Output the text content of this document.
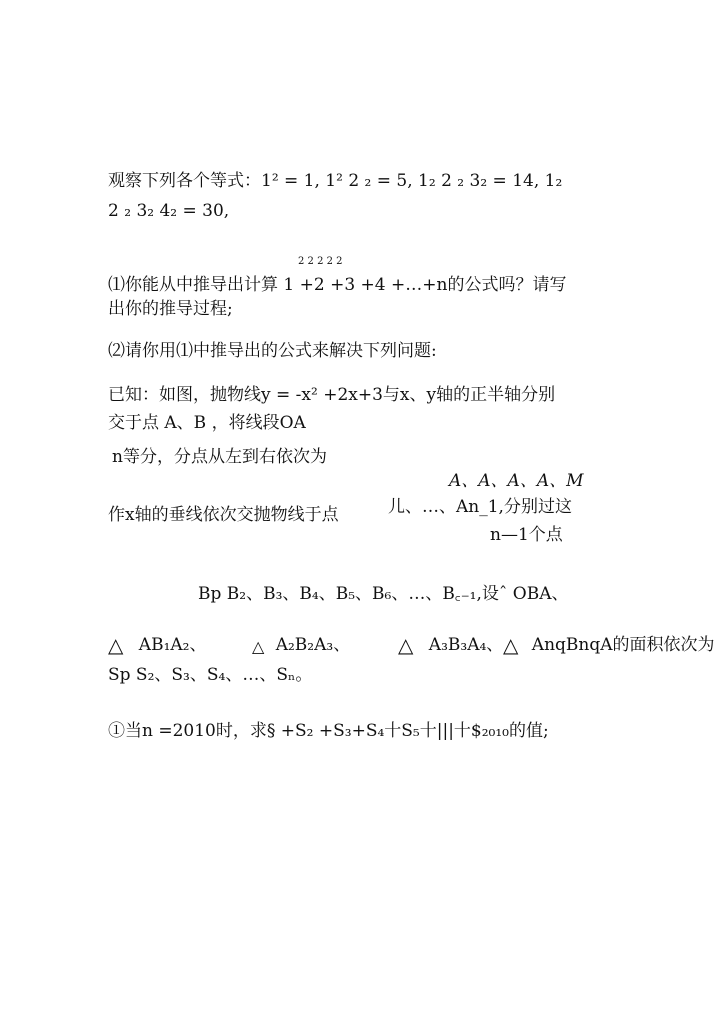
观察下列各个等式：1² = 1, 1² 2 ₂ = 5, 1₂ 2 ₂ 3₂ = 14, 1₂
2 ₂ 3₂ 4₂ = 30,
2 2 2 2 2
⑴你能从中推导出计算 1 +2 +3 +4 +…+n的公式吗？请写
出你的推导过程;
⑵请你用⑴中推导出的公式来解决下列问题:
已知：如图，抛物线y = -x² +2x+3与x、y轴的正半轴分别
交于点 A、B ，将线段OA
n等分，分点从左到右依次为
A、A、A、A、M
作x轴的垂线依次交抛物线于点	儿、…、An_1,分别过这
n—1个点
Bp B₂、B₃、B₄、B₅、B₆、…、B꜀₋₁,设ˆ OBA、
△ AB₁A₂、	△ A₂B₂A₃、 △ A₃B₃A₄、 △ AnqBnqA的面积依次为
Sp S₂、S₃、S₄、…、Sₙ。
①当n =2010时，求§ +S₂ +S₃+S₄十S₅十|||十$₂₀₁₀的值;
